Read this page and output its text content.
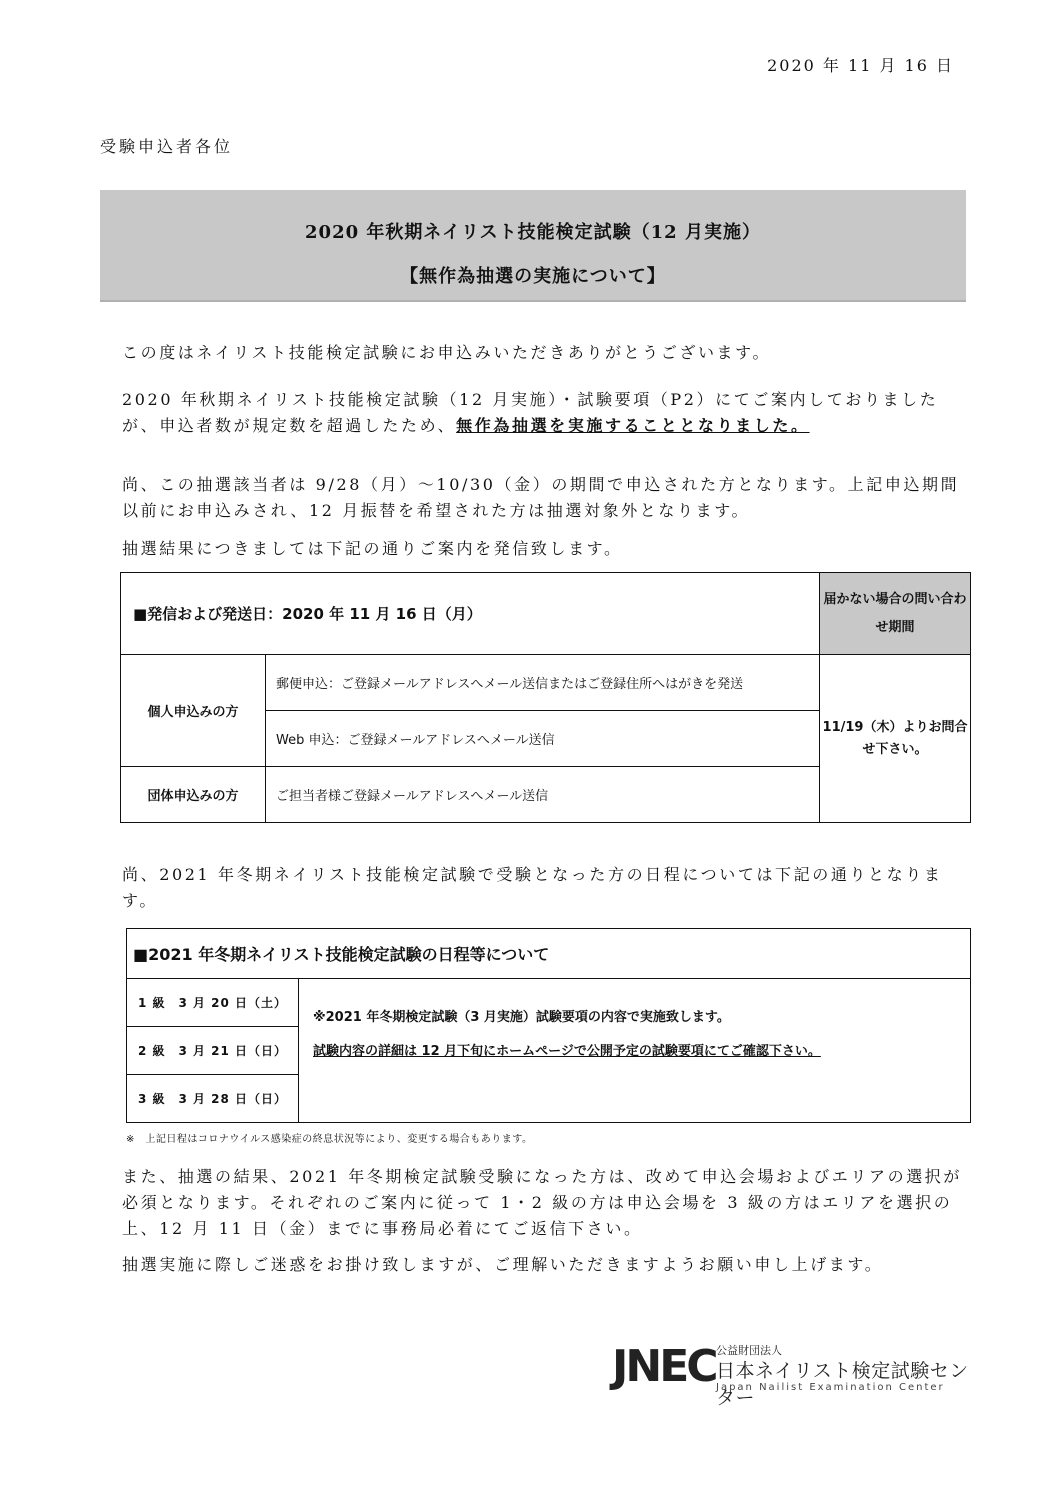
2020 年 11 月 16 日
受験申込者各位
2020 年秋期ネイリスト技能検定試験（12 月実施）
【無作為抽選の実施について】
この度はネイリスト技能検定試験にお申込みいただきありがとうございます。
2020 年秋期ネイリスト技能検定試験（12 月実施）・試験要項（P2）にてご案内しておりましたが、申込者数が規定数を超過したため、無作為抽選を実施することとなりました。
尚、この抽選該当者は 9/28（月）～10/30（金）の期間で申込された方となります。上記申込期間以前にお申込みされ、12 月振替を希望された方は抽選対象外となります。
抽選結果につきましては下記の通りご案内を発信致します。
■発信および発送日：2020 年 11 月 16 日（月）		届かない場合の問い合わせ期間
個人申込みの方	郵便申込：ご登録メールアドレスへメール送信またはご登録住所へはがきを発送	11/19（木）よりお問合せ下さい。
	Web 申込：ご登録メールアドレスへメール送信	
団体申込みの方	ご担当者様ご登録メールアドレスへメール送信	
尚、2021 年冬期ネイリスト技能検定試験で受験となった方の日程については下記の通りとなります。
■2021 年冬期ネイリスト技能検定試験の日程等について
1 級　3 月 20 日（土）	※2021 年冬期検定試験（3 月実施）試験要項の内容で実施致します。
試験内容の詳細は 12 月下旬にホームページで公開予定の試験要項にてご確認下さい。

2 級　3 月 21 日（日）
3 級　3 月 28 日（日）
※　上記日程はコロナウイルス感染症の終息状況等により、変更する場合もあります。
また、抽選の結果、2021 年冬期検定試験受験になった方は、改めて申込会場およびエリアの選択が必須となります。それぞれのご案内に従って 1・2 級の方は申込会場を 3 級の方はエリアを選択の上、12 月 11 日（金）までに事務局必着にてご返信下さい。
抽選実施に際しご迷惑をお掛け致しますが、ご理解いただきますようお願い申し上げます。
JNEC 公益財団法人
日本ネイリスト検定試験センター
Japan Nailist Examination Center
